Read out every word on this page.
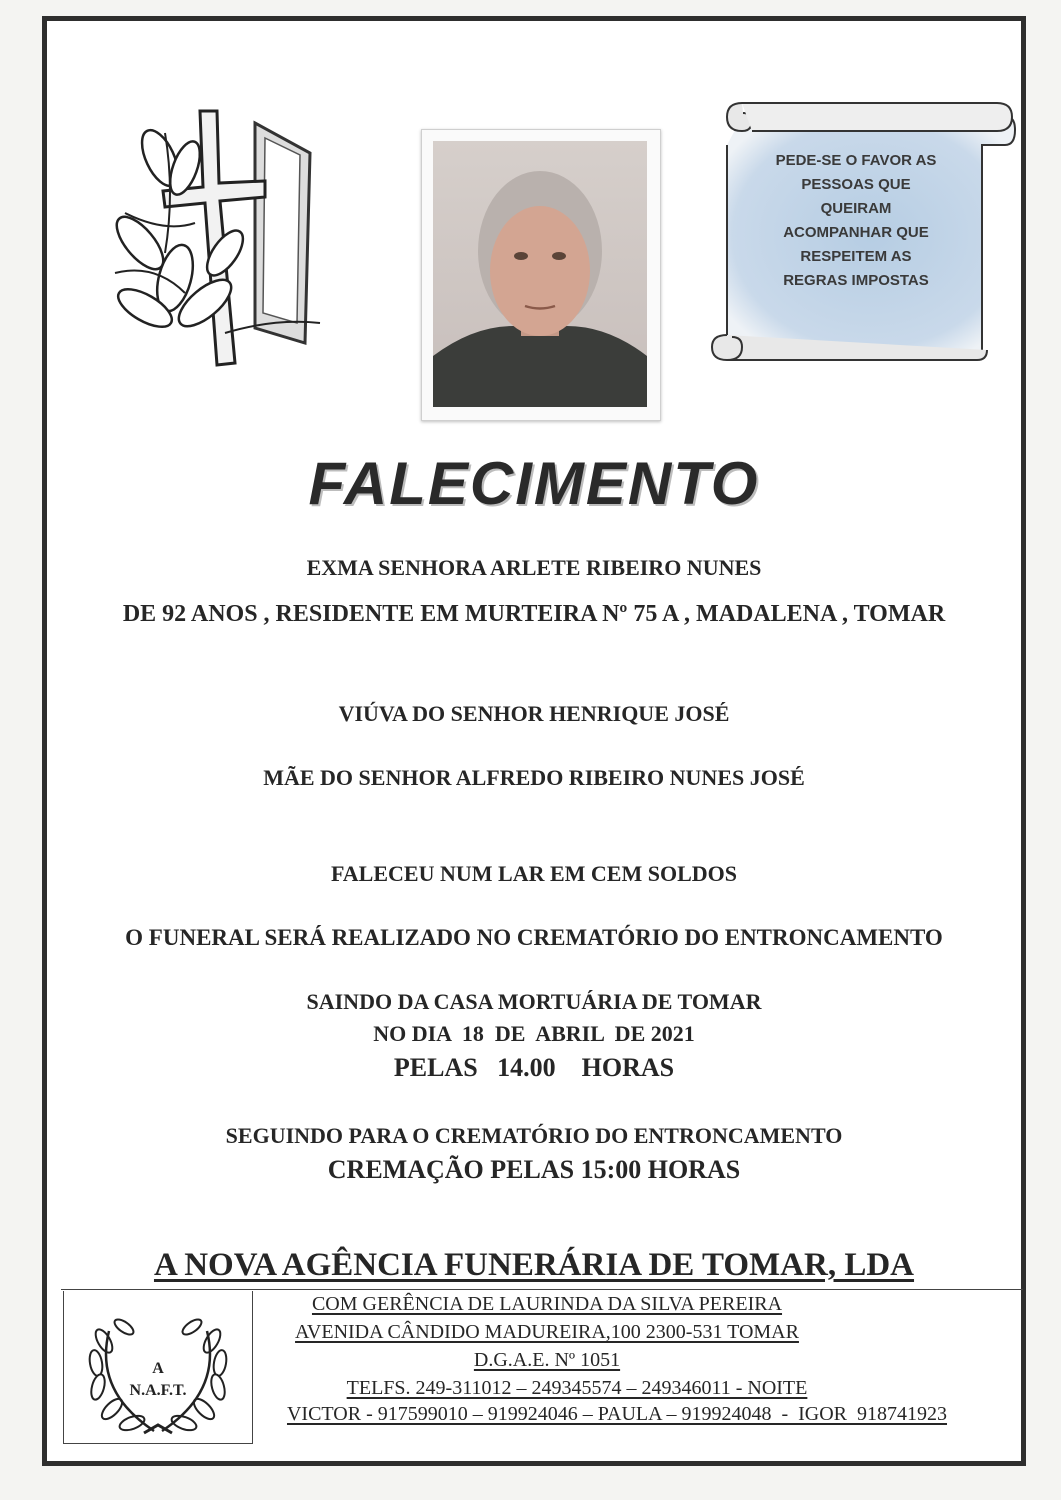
PEDE-SE O FAVOR AS
PESSOAS QUE
QUEIRAM
ACOMPANHAR QUE
RESPEITEM AS
REGRAS IMPOSTAS
FALECIMENTO
EXMA SENHORA ARLETE RIBEIRO NUNES
DE 92 ANOS , RESIDENTE EM MURTEIRA Nº 75 A , MADALENA , TOMAR
VIÚVA DO SENHOR HENRIQUE JOSÉ
MÃE DO SENHOR ALFREDO RIBEIRO NUNES JOSÉ
FALECEU NUM LAR EM CEM SOLDOS
O FUNERAL SERÁ REALIZADO NO CREMATÓRIO DO ENTRONCAMENTO
SAINDO DA CASA MORTUÁRIA DE TOMAR
NO DIA  18  DE  ABRIL  DE 2021
PELAS   14.00    HORAS
SEGUINDO PARA O CREMATÓRIO DO ENTRONCAMENTO
CREMAÇÃO PELAS 15:00 HORAS
A NOVA AGÊNCIA FUNERÁRIA DE TOMAR, LDA
A
N.A.F.T.
COM GERÊNCIA DE LAURINDA DA SILVA PEREIRA
AVENIDA CÂNDIDO MADUREIRA,100 2300-531 TOMAR
D.G.A.E. Nº 1051
TELFS. 249-311012 – 249345574 – 249346011 - NOITE
VICTOR - 917599010 – 919924046 – PAULA – 919924048  -  IGOR  918741923
